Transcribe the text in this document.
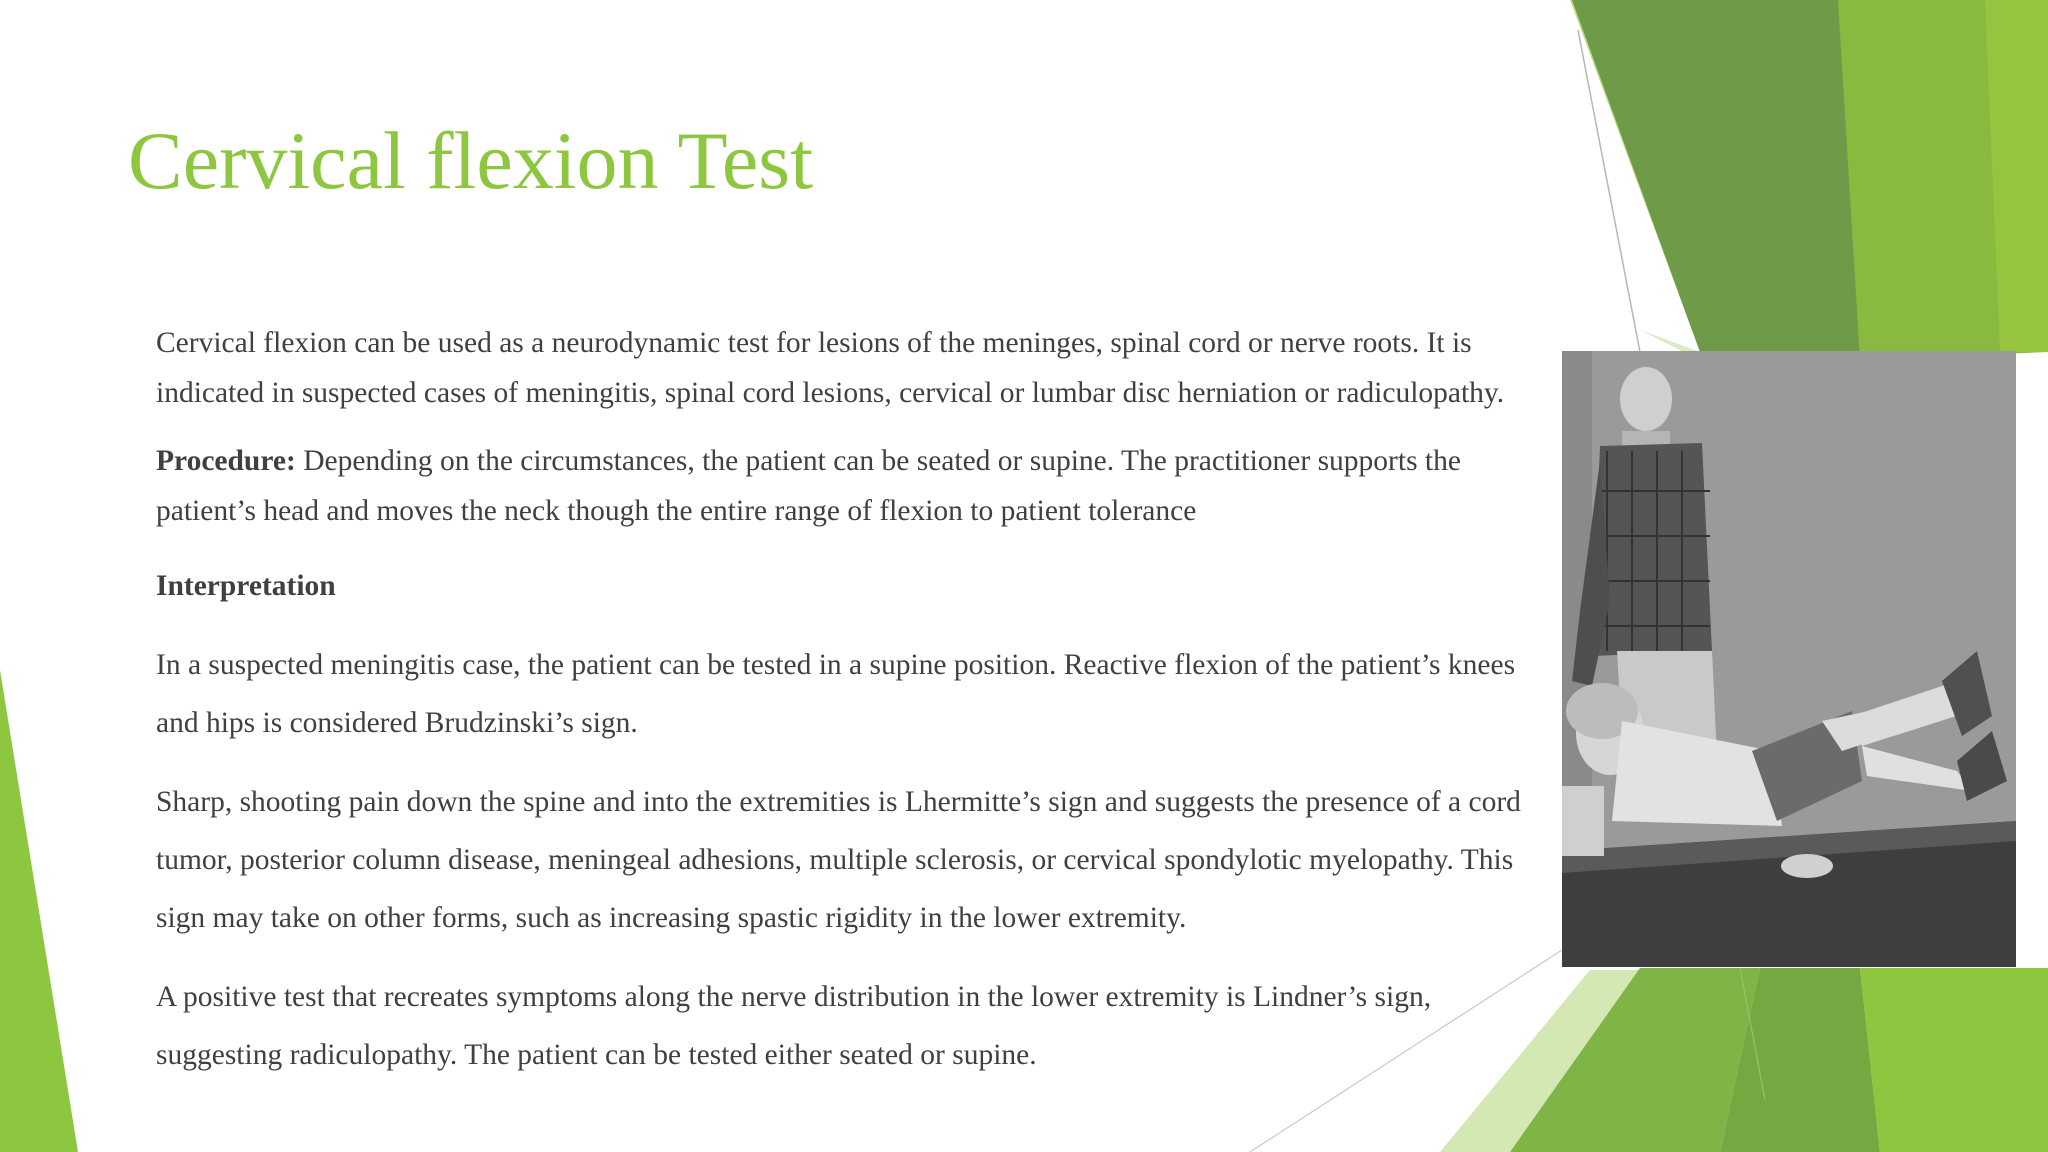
Cervical flexion Test

Cervical flexion can be used as a neurodynamic test for lesions of the meninges, spinal cord or nerve roots. It is indicated in suspected cases of meningitis, spinal cord lesions, cervical or lumbar disc herniation or radiculopathy.

Procedure: Depending on the circumstances, the patient can be seated or supine. The practitioner supports the patient’s head and moves the neck though the entire range of flexion to patient tolerance

Interpretation

In a suspected meningitis case, the patient can be tested in a supine position. Reactive flexion of the patient’s knees and hips is considered Brudzinski’s sign.

Sharp, shooting pain down the spine and into the extremities is Lhermitte’s sign and suggests the presence of a cord tumor, posterior column disease, meningeal adhesions, multiple sclerosis, or cervical spondylotic myelopathy. This sign may take on other forms, such as increasing spastic rigidity in the lower extremity.

A positive test that recreates symptoms along the nerve distribution in the lower extremity is Lindner’s sign, suggesting radiculopathy. The patient can be tested either seated or supine.
